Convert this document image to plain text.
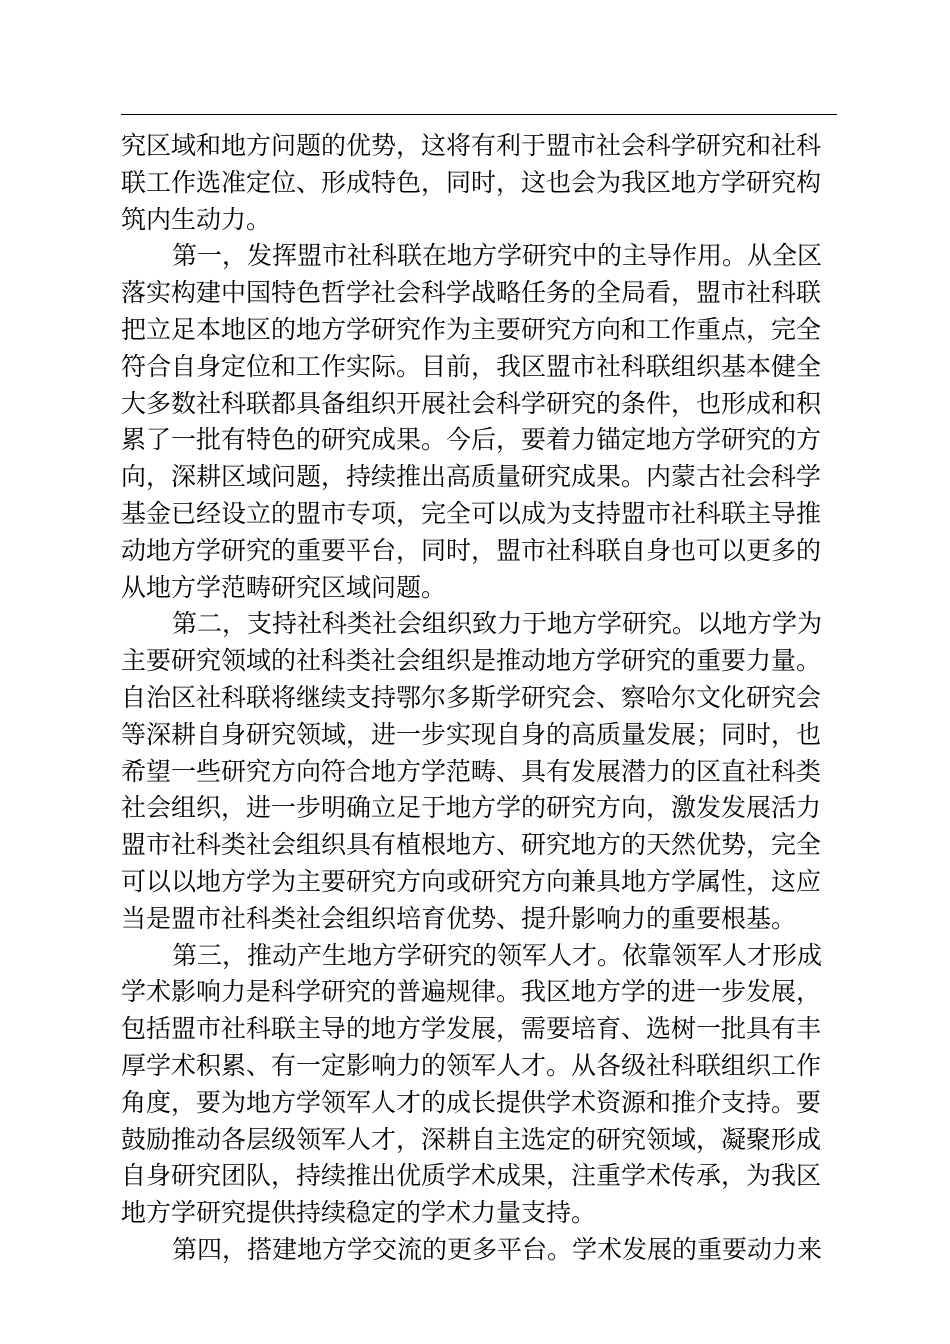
究区域和地方问题的优势，这将有利于盟市社会科学研究和社科
联工作选准定位、形成特色，同时，这也会为我区地方学研究构
筑内生动力。
第一，发挥盟市社科联在地方学研究中的主导作用。从全区
落实构建中国特色哲学社会科学战略任务的全局看，盟市社科联
把立足本地区的地方学研究作为主要研究方向和工作重点，完全
符合自身定位和工作实际。目前，我区盟市社科联组织基本健全
大多数社科联都具备组织开展社会科学研究的条件，也形成和积
累了一批有特色的研究成果。今后，要着力锚定地方学研究的方
向，深耕区域问题，持续推出高质量研究成果。内蒙古社会科学
基金已经设立的盟市专项，完全可以成为支持盟市社科联主导推
动地方学研究的重要平台，同时，盟市社科联自身也可以更多的
从地方学范畴研究区域问题。
第二，支持社科类社会组织致力于地方学研究。以地方学为
主要研究领域的社科类社会组织是推动地方学研究的重要力量。
自治区社科联将继续支持鄂尔多斯学研究会、察哈尔文化研究会
等深耕自身研究领域，进一步实现自身的高质量发展；同时，也
希望一些研究方向符合地方学范畴、具有发展潜力的区直社科类
社会组织，进一步明确立足于地方学的研究方向，激发发展活力
盟市社科类社会组织具有植根地方、研究地方的天然优势，完全
可以以地方学为主要研究方向或研究方向兼具地方学属性，这应
当是盟市社科类社会组织培育优势、提升影响力的重要根基。
第三，推动产生地方学研究的领军人才。依靠领军人才形成
学术影响力是科学研究的普遍规律。我区地方学的进一步发展，
包括盟市社科联主导的地方学发展，需要培育、选树一批具有丰
厚学术积累、有一定影响力的领军人才。从各级社科联组织工作
角度，要为地方学领军人才的成长提供学术资源和推介支持。要
鼓励推动各层级领军人才，深耕自主选定的研究领域，凝聚形成
自身研究团队，持续推出优质学术成果，注重学术传承，为我区
地方学研究提供持续稳定的学术力量支持。
第四，搭建地方学交流的更多平台。学术发展的重要动力来
